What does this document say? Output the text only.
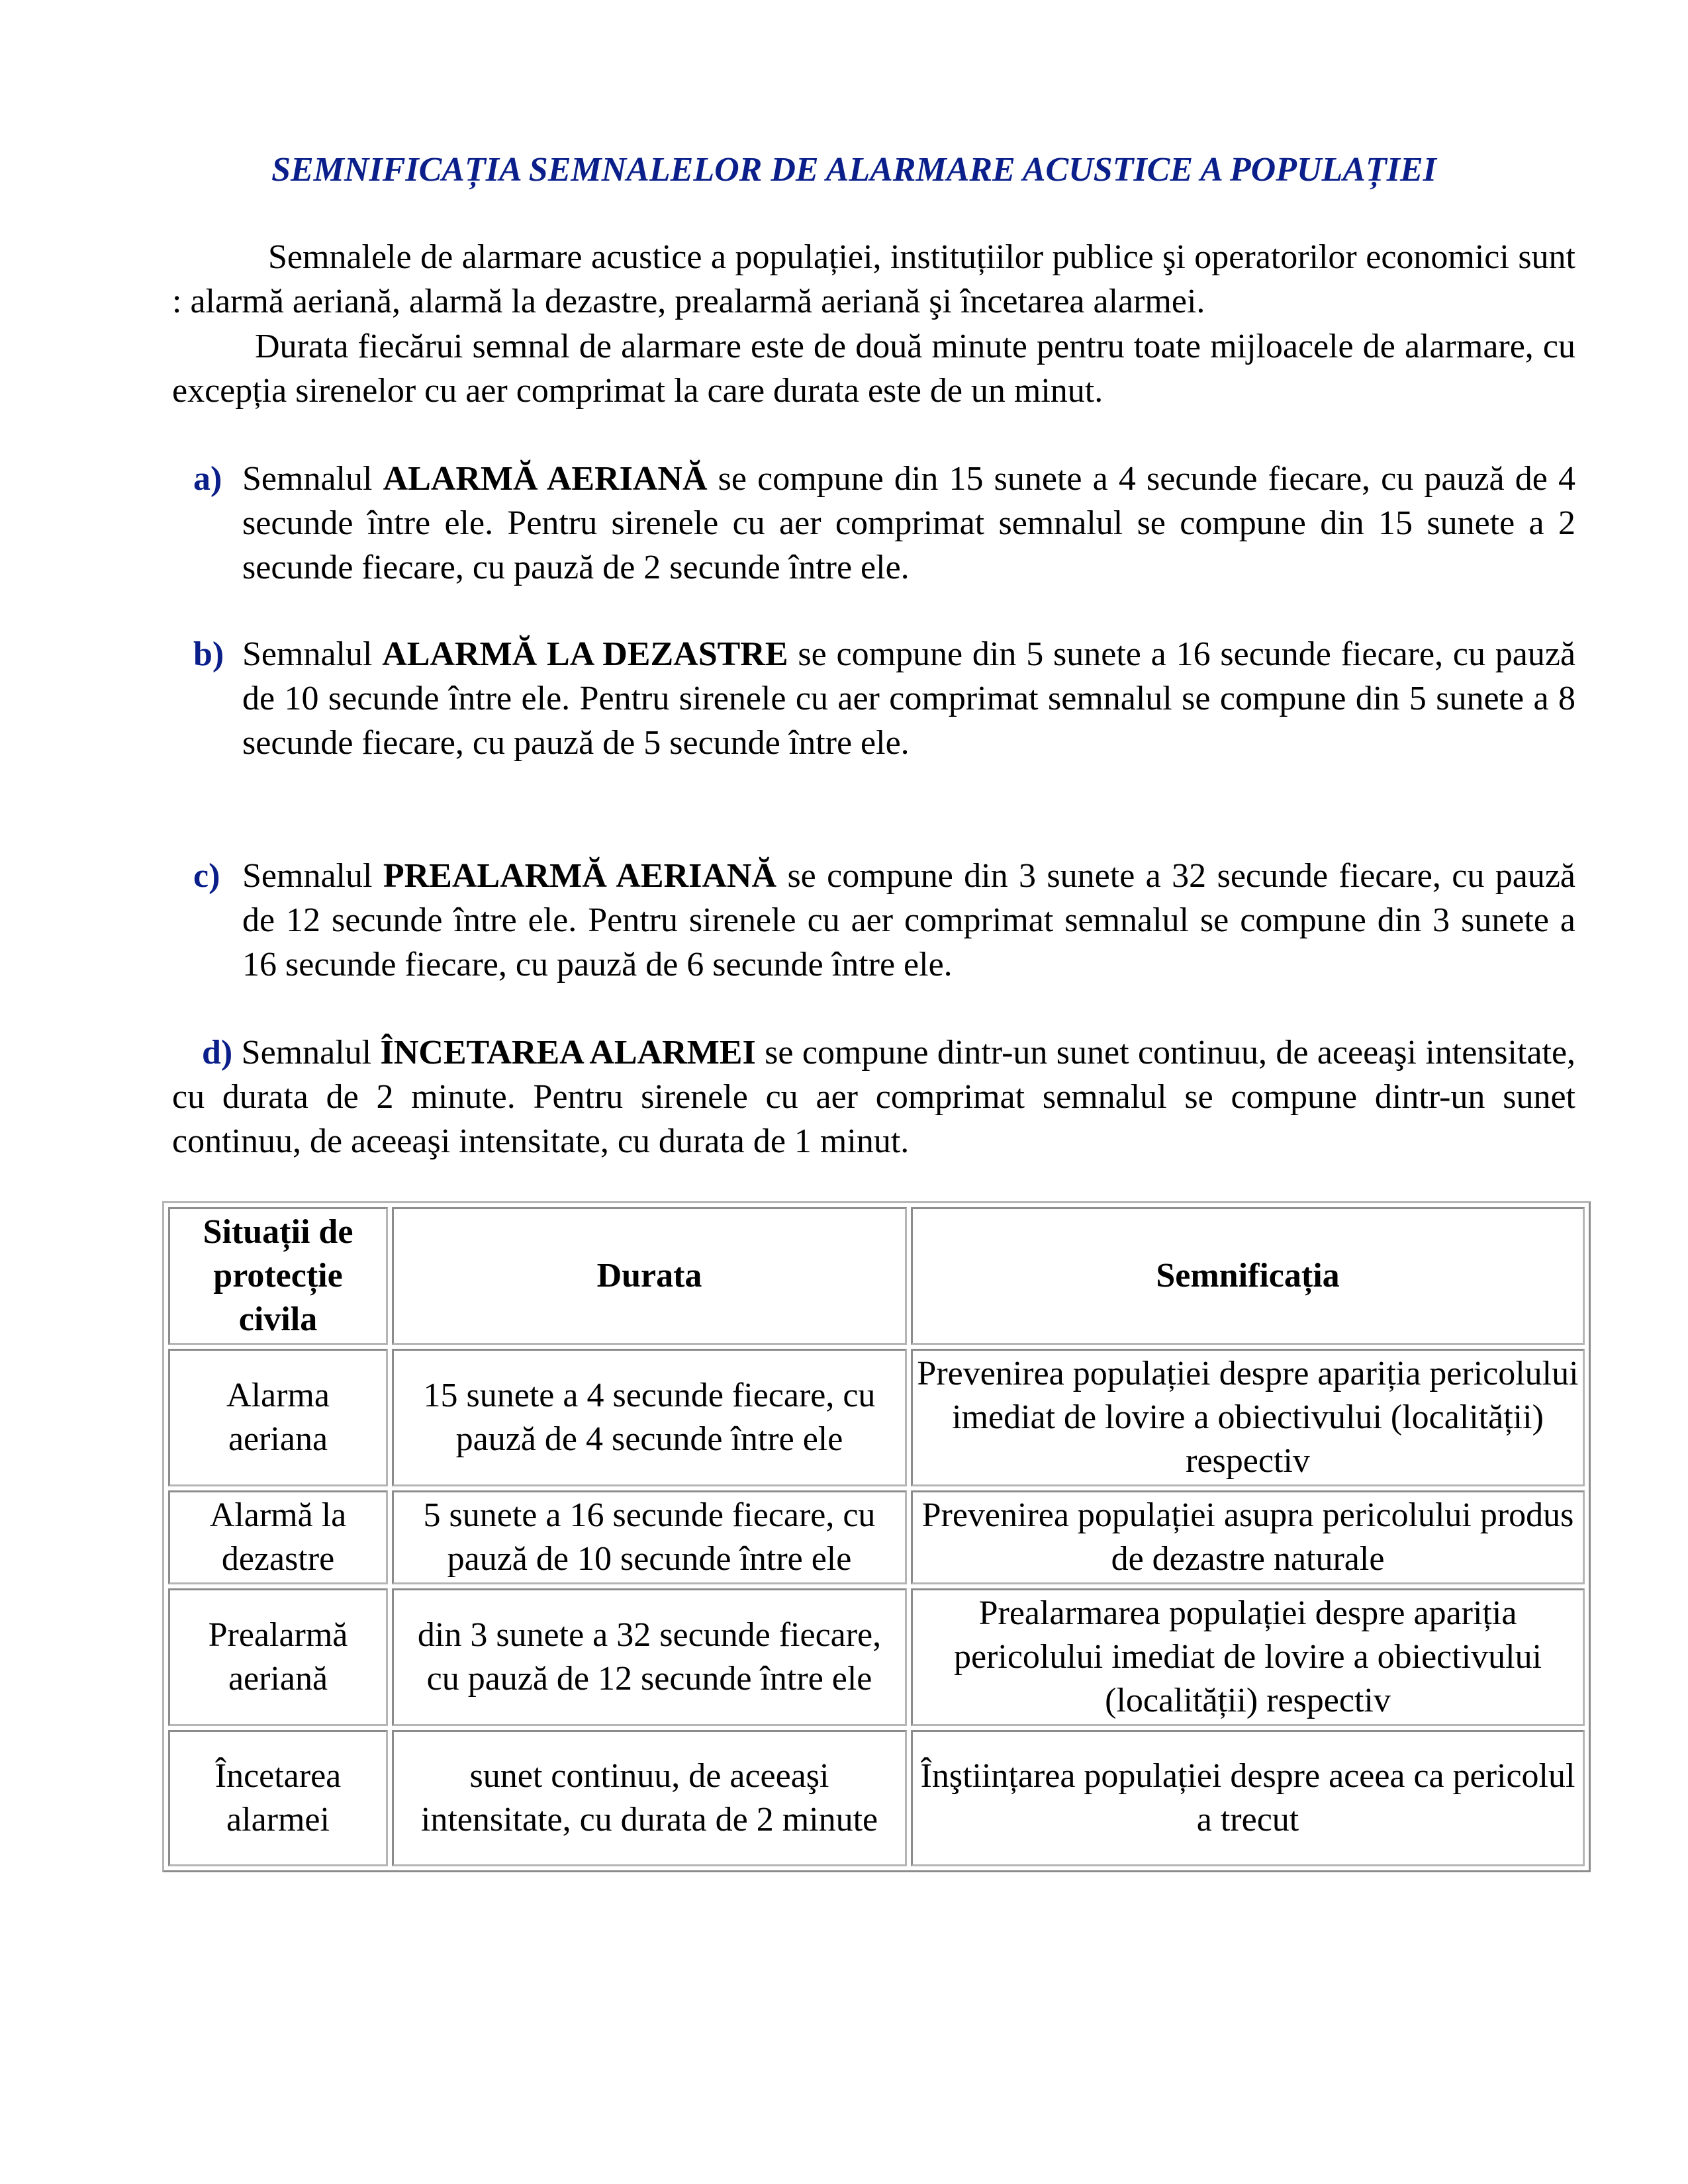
SEMNIFICAȚIA SEMNALELOR DE ALARMARE ACUSTICE A POPULAȚIEI
Semnalele de alarmare acustice a populației, instituțiilor publice şi operatorilor economici sunt : alarmă aeriană, alarmă la dezastre, prealarmă aeriană şi încetarea alarmei.
Durata fiecărui semnal de alarmare este de două minute pentru toate mijloacele de alarmare, cu excepția sirenelor cu aer comprimat la care durata este de un minut.
a) Semnalul ALARMĂ AERIANĂ se compune din 15 sunete a 4 secunde fiecare, cu pauză de 4 secunde între ele. Pentru sirenele cu aer comprimat semnalul se compune din 15 sunete a 2 secunde fiecare, cu pauză de 2 secunde între ele.
b) Semnalul ALARMĂ LA DEZASTRE se compune din 5 sunete a 16 secunde fiecare, cu pauză de 10 secunde între ele. Pentru sirenele cu aer comprimat semnalul se compune din 5 sunete a 8 secunde fiecare, cu pauză de 5 secunde între ele.
c) Semnalul PREALARMĂ AERIANĂ se compune din 3 sunete a 32 secunde fiecare, cu pauză de 12 secunde între ele. Pentru sirenele cu aer comprimat semnalul se compune din 3 sunete a 16 secunde fiecare, cu pauză de 6 secunde între ele.
d) Semnalul ÎNCETAREA ALARMEI se compune dintr-un sunet continuu, de aceeaşi intensitate, cu durata de 2 minute. Pentru sirenele cu aer comprimat semnalul se compune dintr-un sunet continuu, de aceeaşi intensitate, cu durata de 1 minut.
Situații de protecție civila	Durata	Semnificația
Alarma aeriana	15 sunete a 4 secunde fiecare, cu pauză de 4 secunde între ele	Prevenirea populației despre apariția pericolului imediat de lovire a obiectivului (localității) respectiv
Alarmă la dezastre	5 sunete a 16 secunde fiecare, cu pauză de 10 secunde între ele	Prevenirea populației asupra pericolului produs de dezastre naturale
Prealarmă aeriană	din 3 sunete a 32 secunde fiecare, cu pauză de 12 secunde între ele	Prealarmarea populației despre apariția pericolului imediat de lovire a obiectivului (localității) respectiv
Încetarea alarmei	sunet continuu, de aceeaşi intensitate, cu durata de 2 minute	Înştiințarea populației despre aceea ca pericolul a trecut
